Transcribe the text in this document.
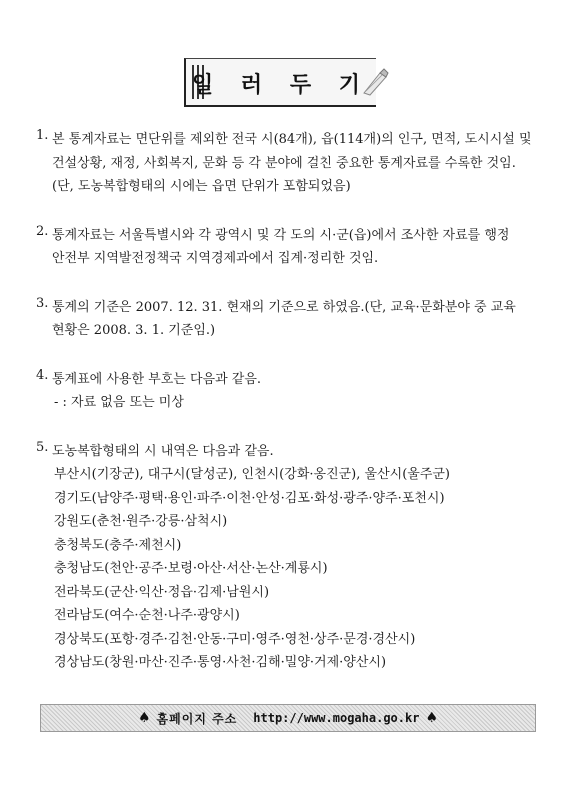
일 러 두 기
1. 본 통계자료는 면단위를 제외한 전국 시(84개), 읍(114개)의 인구, 면적, 도시시설 및
건설상황, 재정, 사회복지, 문화 등 각 분야에 걸친 중요한 통계자료를 수록한 것임.
(단, 도농복합형태의 시에는 읍면 단위가 포함되었음)
2. 통계자료는 서울특별시와 각 광역시 및 각 도의 시·군(읍)에서 조사한 자료를 행정
안전부 지역발전정책국 지역경제과에서 집계·정리한 것임.
3. 통계의 기준은 2007. 12. 31. 현재의 기준으로 하였음.(단, 교육·문화분야 중 교육
현황은 2008. 3. 1. 기준임.)
4. 통계표에 사용한 부호는 다음과 같음.
- : 자료 없음 또는 미상
5. 도농복합형태의 시 내역은 다음과 같음.
부산시(기장군), 대구시(달성군), 인천시(강화·옹진군), 울산시(울주군)
경기도(남양주·평택·용인·파주·이천·안성·김포·화성·광주·양주·포천시)
강원도(춘천·원주·강릉·삼척시)
충청북도(충주·제천시)
충청남도(천안·공주·보령·아산·서산·논산·계룡시)
전라북도(군산·익산·정읍·김제·남원시)
전라남도(여수·순천·나주·광양시)
경상북도(포항·경주·김천·안동·구미·영주·영천·상주·문경·경산시)
경상남도(창원·마산·진주·통영·사천·김해·밀양·거제·양산시)
♠ 홈페이지 주소 http://www.mogaha.go.kr ♠
